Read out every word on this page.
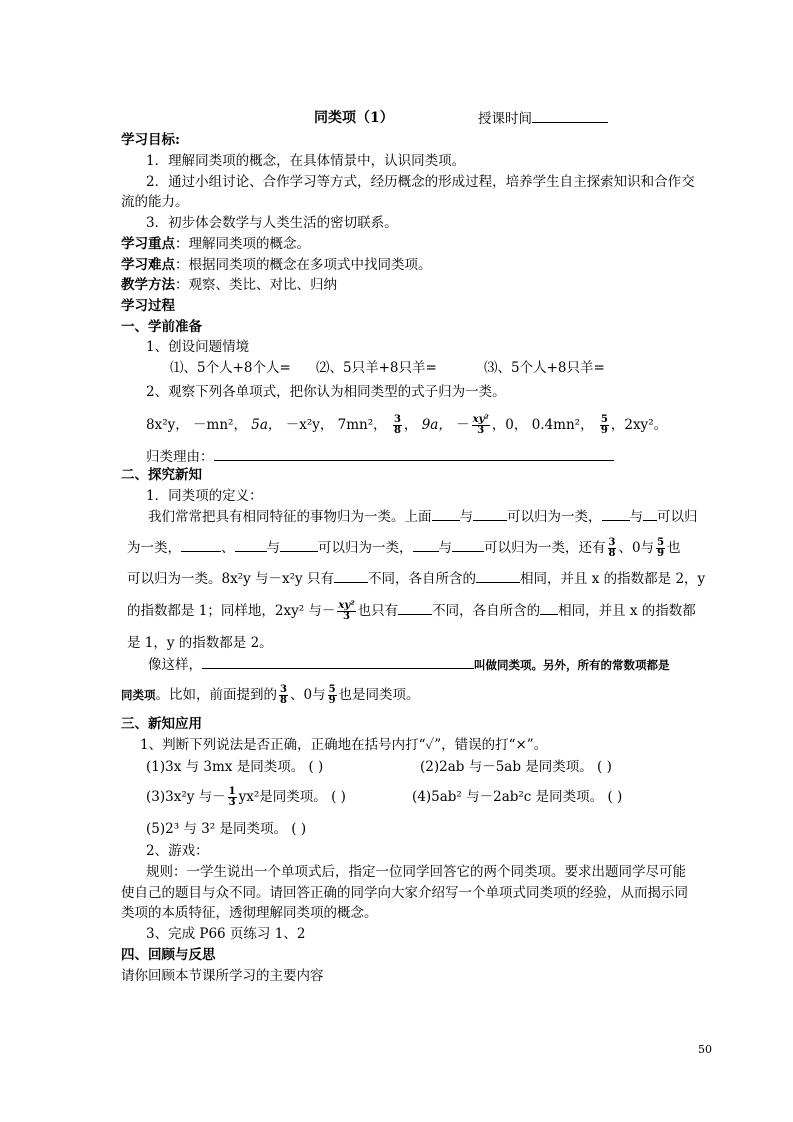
同类项（1）	授课时间
学习目标:
1．理解同类项的概念，在具体情景中，认识同类项。
2．通过小组讨论、合作学习等方式，经历概念的形成过程，培养学生自主探索知识和合作交
流的能力。
3．初步体会数学与人类生活的密切联系。
学习重点：理解同类项的概念。
学习难点：根据同类项的概念在多项式中找同类项。
教学方法：观察、类比、对比、归纳
学习过程
一、学前准备
1、创设问题情境
⑴、5个人+8个人= ⑵、5只羊+8只羊=	⑶、5个人+8只羊=
2、观察下列各单项式，把你认为相同类型的式子归为一类。
8x²y， －mn²， 5a， －x²y， 7mn²， $\frac{3}{8}$ ， 9a， － $\frac{\text{xy²}}{3}$ ，0， 0.4mn²， $\frac{5}{9}$ ，2xy²。
归类理由：
二、探究新知
1．同类项的定义：
我们常常把具有相同特征的事物归为一类。上面 与	可以归为一类， 与 可以归
为一类，	、 与	可以归为一类， 与 可以归为一类，还有 $\frac{3}{8}$ 、0与 $\frac{5}{9}$ 也
可以归为一类。8x²y 与－x²y 只有	不同，各自所含的	相同，并且 x 的指数都是 2，y
的指数都是 1；同样地，2xy² 与－ $\frac{\text{xy²}}{3}$ 也只有	不同，各自所含的 相同，并且 x 的指数都
是 1，y 的指数都是 2。
像这样，	叫做同类项。另外，所有的常数项都是
同类项。比如，前面提到的 $\frac{3}{8}$ 、0与 $\frac{5}{9}$ 也是同类项。
三、新知应用
1、判断下列说法是否正确，正确地在括号内打“✓”，错误的打“×”。
(1)3x 与 3mx 是同类项。 ( )	(2)2ab 与－5ab 是同类项。 ( )
(3)3x²y 与－ $\frac{1}{3} yx^2$是同类项。 ( )	(4)5ab² 与－2ab²c 是同类项。 ( )
(5)2³ 与 3² 是同类项。 ( )
2、游戏：
规则：一学生说出一个单项式后，指定一位同学回答它的两个同类项。要求出题同学尽可能
使自己的题目与众不同。请回答正确的同学向大家介绍写一个单项式同类项的经验，从而揭示同
类项的本质特征，透彻理解同类项的概念。
3、完成 P66 页练习 1、2
四、回顾与反思
请你回顾本节课所学习的主要内容
50
